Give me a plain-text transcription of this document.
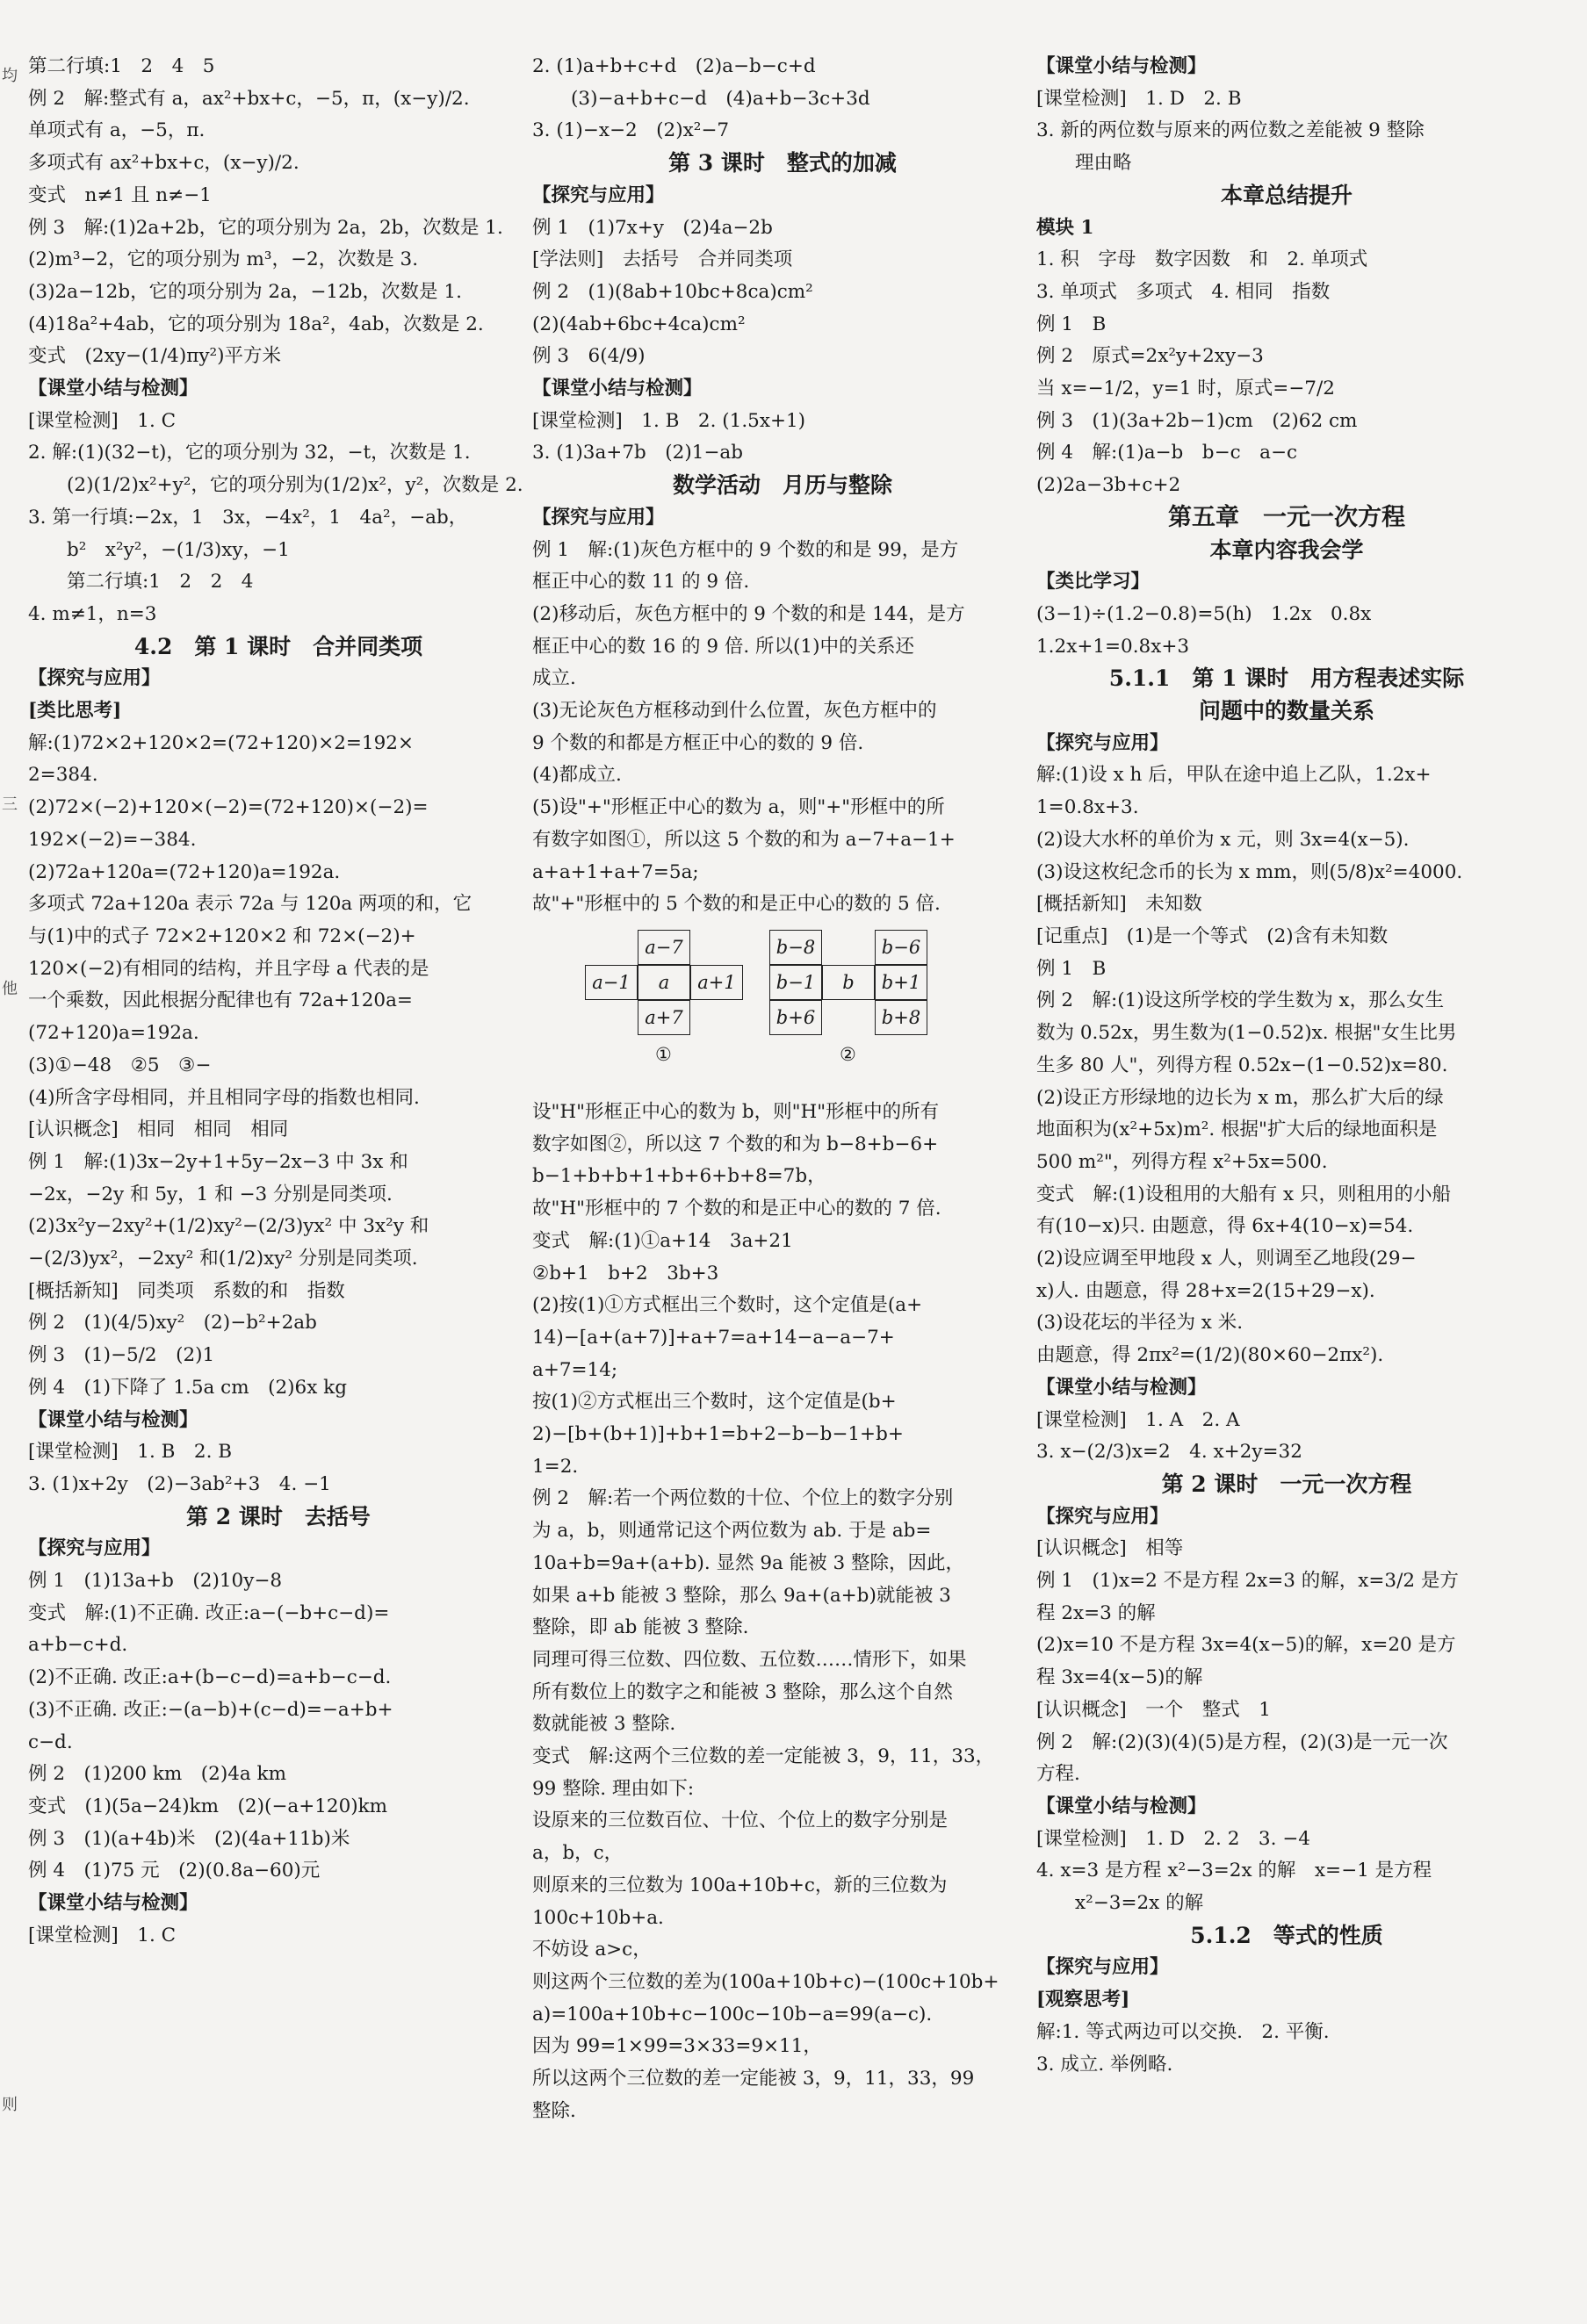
均
三
他
则
第二行填:1　2　4　5
例 2　解:整式有 a，ax²+bx+c，−5，π，(x−y)/2.
单项式有 a，−5，π.
多项式有 ax²+bx+c，(x−y)/2.
变式　n≠1 且 n≠−1
例 3　解:(1)2a+2b，它的项分别为 2a，2b，次数是 1.
(2)m³−2，它的项分别为 m³，−2，次数是 3.
(3)2a−12b，它的项分别为 2a，−12b，次数是 1.
(4)18a²+4ab，它的项分别为 18a²，4ab，次数是 2.
变式　(2xy−(1/4)πy²)平方米
【课堂小结与检测】
[课堂检测]　1. C
2. 解:(1)(32−t)，它的项分别为 32，−t，次数是 1.
(2)(1/2)x²+y²，它的项分别为(1/2)x²，y²，次数是 2.
3. 第一行填:−2x，1　3x，−4x²，1　4a²，−ab，
b²　x²y²，−(1/3)xy，−1
第二行填:1　2　2　4
4. m≠1，n=3
4.2　第 1 课时　合并同类项
【探究与应用】
[类比思考]
解:(1)72×2+120×2=(72+120)×2=192×
2=384.
(2)72×(−2)+120×(−2)=(72+120)×(−2)=
192×(−2)=−384.
(2)72a+120a=(72+120)a=192a.
多项式 72a+120a 表示 72a 与 120a 两项的和，它
与(1)中的式子 72×2+120×2 和 72×(−2)+
120×(−2)有相同的结构，并且字母 a 代表的是
一个乘数，因此根据分配律也有 72a+120a=
(72+120)a=192a.
(3)①−48　②5　③−
(4)所含字母相同，并且相同字母的指数也相同.
[认识概念]　相同　相同　相同
例 1　解:(1)3x−2y+1+5y−2x−3 中 3x 和
−2x，−2y 和 5y，1 和 −3 分别是同类项.
(2)3x²y−2xy²+(1/2)xy²−(2/3)yx² 中 3x²y 和
−(2/3)yx²，−2xy² 和(1/2)xy² 分别是同类项.
[概括新知]　同类项　系数的和　指数
例 2　(1)(4/5)xy²　(2)−b²+2ab
例 3　(1)−5/2　(2)1
例 4　(1)下降了 1.5a cm　(2)6x kg
【课堂小结与检测】
[课堂检测]　1. B　2. B
3. (1)x+2y　(2)−3ab²+3　4. −1
第 2 课时　去括号
【探究与应用】
例 1　(1)13a+b　(2)10y−8
变式　解:(1)不正确. 改正:a−(−b+c−d)=
a+b−c+d.
(2)不正确. 改正:a+(b−c−d)=a+b−c−d.
(3)不正确. 改正:−(a−b)+(c−d)=−a+b+
c−d.
例 2　(1)200 km　(2)4a km
变式　(1)(5a−24)km　(2)(−a+120)km
例 3　(1)(a+4b)米　(2)(4a+11b)米
例 4　(1)75 元　(2)(0.8a−60)元
【课堂小结与检测】
[课堂检测]　1. C
2. (1)a+b+c+d　(2)a−b−c+d
(3)−a+b+c−d　(4)a+b−3c+3d
3. (1)−x−2　(2)x²−7
第 3 课时　整式的加减
【探究与应用】
例 1　(1)7x+y　(2)4a−2b
[学法则]　去括号　合并同类项
例 2　(1)(8ab+10bc+8ca)cm²
(2)(4ab+6bc+4ca)cm²
例 3　6(4/9)
【课堂小结与检测】
[课堂检测]　1. B　2. (1.5x+1)
3. (1)3a+7b　(2)1−ab
数学活动　月历与整除
【探究与应用】
例 1　解:(1)灰色方框中的 9 个数的和是 99，是方
框正中心的数 11 的 9 倍.
(2)移动后，灰色方框中的 9 个数的和是 144，是方
框正中心的数 16 的 9 倍. 所以(1)中的关系还
成立.
(3)无论灰色方框移动到什么位置，灰色方框中的
9 个数的和都是方框正中心的数的 9 倍.
(4)都成立.
(5)设"+"形框正中心的数为 a，则"+"形框中的所
有数字如图①，所以这 5 个数的和为 a−7+a−1+
a+a+1+a+7=5a;
故"+"形框中的 5 个数的和是正中心的数的 5 倍.
a−7
a−1	a	a+1
a+7
①
b−8
b−1
b+6
b
b−6
b+1
b+8
②
设"H"形框正中心的数为 b，则"H"形框中的所有
数字如图②，所以这 7 个数的和为 b−8+b−6+
b−1+b+b+1+b+6+b+8=7b，
故"H"形框中的 7 个数的和是正中心的数的 7 倍.
变式　解:(1)①a+14　3a+21
②b+1　b+2　3b+3
(2)按(1)①方式框出三个数时，这个定值是(a+
14)−[a+(a+7)]+a+7=a+14−a−a−7+
a+7=14;
按(1)②方式框出三个数时，这个定值是(b+
2)−[b+(b+1)]+b+1=b+2−b−b−1+b+
1=2.
例 2　解:若一个两位数的十位、个位上的数字分别
为 a，b，则通常记这个两位数为 ab. 于是 ab=
10a+b=9a+(a+b). 显然 9a 能被 3 整除，因此，
如果 a+b 能被 3 整除，那么 9a+(a+b)就能被 3
整除，即 ab 能被 3 整除.
同理可得三位数、四位数、五位数……情形下，如果
所有数位上的数字之和能被 3 整除，那么这个自然
数就能被 3 整除.
变式　解:这两个三位数的差一定能被 3，9，11，33，
99 整除. 理由如下:
设原来的三位数百位、十位、个位上的数字分别是
a，b，c，
则原来的三位数为 100a+10b+c，新的三位数为
100c+10b+a.
不妨设 a>c，
则这两个三位数的差为(100a+10b+c)−(100c+10b+
a)=100a+10b+c−100c−10b−a=99(a−c).
因为 99=1×99=3×33=9×11，
所以这两个三位数的差一定能被 3，9，11，33，99
整除.
【课堂小结与检测】
[课堂检测]　1. D　2. B
3. 新的两位数与原来的两位数之差能被 9 整除
理由略
本章总结提升
模块 1
1. 积　字母　数字因数　和　2. 单项式
3. 单项式　多项式　4. 相同　指数
例 1　B
例 2　原式=2x²y+2xy−3
当 x=−1/2，y=1 时，原式=−7/2
例 3　(1)(3a+2b−1)cm　(2)62 cm
例 4　解:(1)a−b　b−c　a−c
(2)2a−3b+c+2
第五章　一元一次方程
本章内容我会学
【类比学习】
(3−1)÷(1.2−0.8)=5(h)　1.2x　0.8x
1.2x+1=0.8x+3
5.1.1　第 1 课时　用方程表述实际
问题中的数量关系
【探究与应用】
解:(1)设 x h 后，甲队在途中追上乙队，1.2x+
1=0.8x+3.
(2)设大水杯的单价为 x 元，则 3x=4(x−5).
(3)设这枚纪念币的长为 x mm，则(5/8)x²=4000.
[概括新知]　未知数
[记重点]　(1)是一个等式　(2)含有未知数
例 1　B
例 2　解:(1)设这所学校的学生数为 x，那么女生
数为 0.52x，男生数为(1−0.52)x. 根据"女生比男
生多 80 人"，列得方程 0.52x−(1−0.52)x=80.
(2)设正方形绿地的边长为 x m，那么扩大后的绿
地面积为(x²+5x)m². 根据"扩大后的绿地面积是
500 m²"，列得方程 x²+5x=500.
变式　解:(1)设租用的大船有 x 只，则租用的小船
有(10−x)只. 由题意，得 6x+4(10−x)=54.
(2)设应调至甲地段 x 人，则调至乙地段(29−
x)人. 由题意，得 28+x=2(15+29−x).
(3)设花坛的半径为 x 米.
由题意，得 2πx²=(1/2)(80×60−2πx²).
【课堂小结与检测】
[课堂检测]　1. A　2. A
3. x−(2/3)x=2　4. x+2y=32
第 2 课时　一元一次方程
【探究与应用】
[认识概念]　相等
例 1　(1)x=2 不是方程 2x=3 的解，x=3/2 是方
程 2x=3 的解
(2)x=10 不是方程 3x=4(x−5)的解，x=20 是方
程 3x=4(x−5)的解
[认识概念]　一个　整式　1
例 2　解:(2)(3)(4)(5)是方程，(2)(3)是一元一次
方程.
【课堂小结与检测】
[课堂检测]　1. D　2. 2　3. −4
4. x=3 是方程 x²−3=2x 的解　x=−1 是方程
x²−3=2x 的解
5.1.2　等式的性质
【探究与应用】
[观察思考]
解:1. 等式两边可以交换.　2. 平衡.
3. 成立. 举例略.
